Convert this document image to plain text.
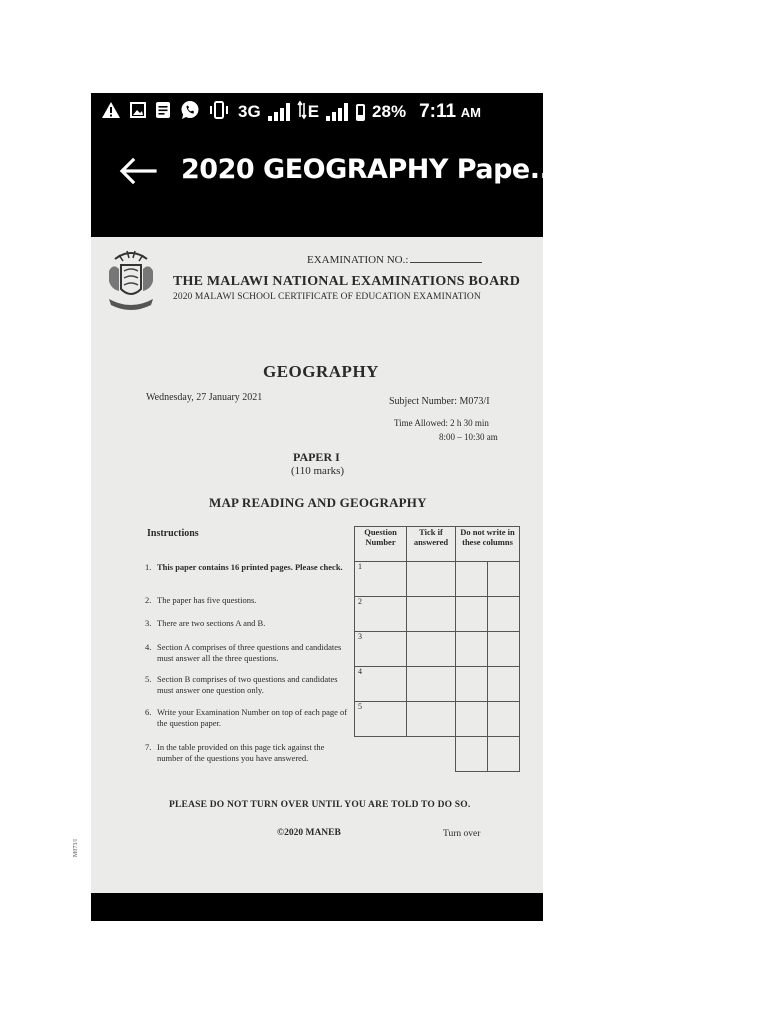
3G	E	28% 7:11 AM
2020 GEOGRAPHY Pape...
EXAMINATION NO.:
THE MALAWI NATIONAL EXAMINATIONS BOARD
2020 MALAWI SCHOOL CERTIFICATE OF EDUCATION EXAMINATION
GEOGRAPHY
Wednesday, 27 January 2021	Subject Number: M073/I
Time Allowed: 2 h 30 min
8:00 – 10:30 am
PAPER I
(110 marks)
MAP READING AND GEOGRAPHY
Instructions
1. This paper contains 16 printed pages. Please check.
2. The paper has five questions.
3. There are two sections A and B.
4. Section A comprises of three questions and candidates must answer all the three questions.
5. Section B comprises of two questions and candidates must answer one question only.
6. Write your Examination Number on top of each page of the question paper.
7. In the table provided on this page tick against the number of the questions you have answered.
Question Number	Tick if answered	Do not write in these columns	
1			
2			
3			
4			
5			

PLEASE DO NOT TURN OVER UNTIL YOU ARE TOLD TO DO SO.
©2020 MANEB	Turn over
M073/I
